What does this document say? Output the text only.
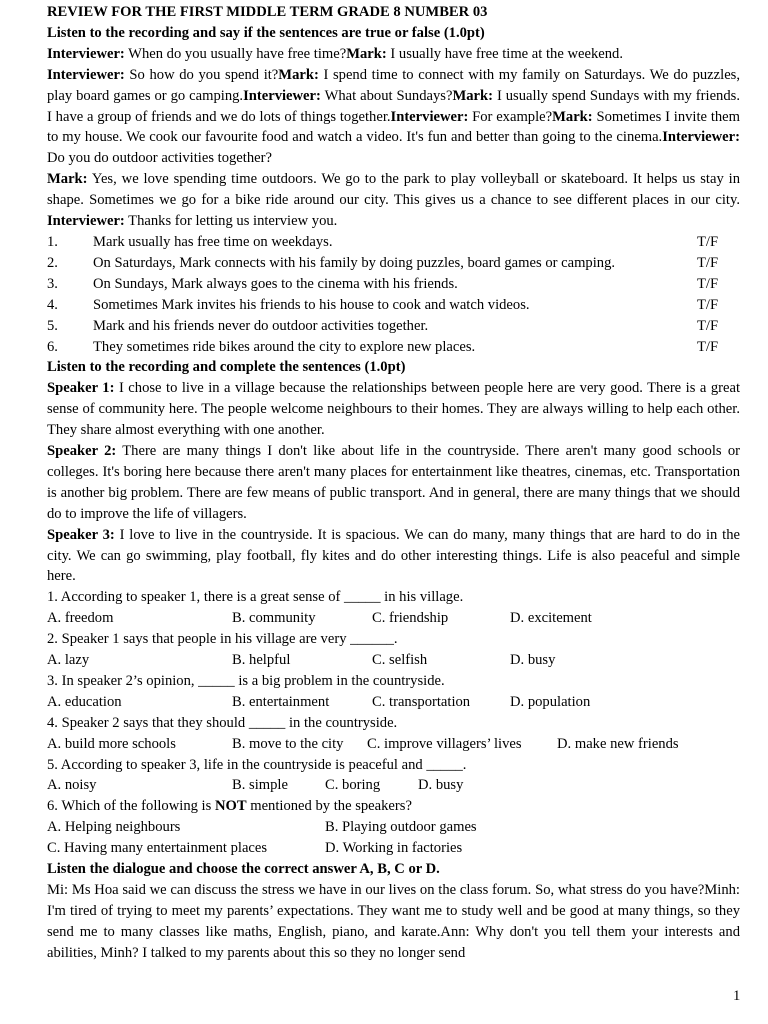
REVIEW FOR THE FIRST MIDDLE TERM GRADE 8 NUMBER 03

Listen to the recording and say if the sentences are true or false (1.0pt)

Interviewer: When do you usually have free time?Mark: I usually have free time at the weekend.
Interviewer: So how do you spend it?Mark: I spend time to connect with my family on Saturdays. We do puzzles, play board games or go camping.Interviewer: What about Sundays?Mark: I usually spend Sundays with my friends. I have a group of friends and we do lots of things together.Interviewer: For example?Mark: Sometimes I invite them to my house. We cook our favourite food and watch a video. It's fun and better than going to the cinema.Interviewer: Do you do outdoor activities together?
Mark: Yes, we love spending time outdoors. We go to the park to play volleyball or skateboard. It helps us stay in shape. Sometimes we go for a bike ride around our city. This gives us a chance to see different places in our city. Interviewer: Thanks for letting us interview you.

1.	Mark usually has free time on weekdays.	T/F
2.	On Saturdays, Mark connects with his family by doing puzzles, board games or camping.	T/F
3.	On Sundays, Mark always goes to the cinema with his friends.	T/F
4.	Sometimes Mark invites his friends to his house to cook and watch videos.	T/F
5.	Mark and his friends never do outdoor activities together.	T/F
6.	They sometimes ride bikes around the city to explore new places.	T/F

Listen to the recording and complete the sentences (1.0pt)

Speaker 1: I chose to live in a village because the relationships between people here are very good. There is a great sense of community here. The people welcome neighbours to their homes. They are always willing to help each other. They share almost everything with one another.

Speaker 2: There are many things I don't like about life in the countryside. There aren't many good schools or colleges. It's boring here because there aren't many places for entertainment like theatres, cinemas, etc. Transportation is another big problem. There are few means of public transport. And in general, there are many things that we should do to improve the life of villagers.

Speaker 3: I love to live in the countryside. It is spacious. We can do many, many things that are hard to do in the city. We can go swimming, play football, fly kites and do other interesting things. Life is also peaceful and simple here.

1. According to speaker 1, there is a great sense of _____ in his village.

A. freedom	B. community	C. friendship	D. excitement

2. Speaker 1 says that people in his village are very ______.

A. lazy	B. helpful	C. selfish	D. busy

3. In speaker 2’s opinion, _____ is a big problem in the countryside.

A. education	B. entertainment	C. transportation	D. population

4. Speaker 2 says that they should _____ in the countryside.

A. build more schools	B. move to the city C. improve villagers’ lives D. make new friends

5. According to speaker 3, life in the countryside is peaceful and _____.

A. noisy	B. simple	C. boring	D. busy

6. Which of the following is NOT mentioned by the speakers?

A. Helping neighbours	B. Playing outdoor games
C. Having many entertainment places	D. Working in factories

Listen the dialogue and choose the correct answer A, B, C or D.

Mi: Ms Hoa said we can discuss the stress we have in our lives on the class forum. So, what stress do you have?Minh: I'm tired of trying to meet my parents’ expectations. They want me to study well and be good at many things, so they send me to many classes like maths, English, piano, and karate.Ann: Why don't you tell them your interests and abilities, Minh? I talked to my parents about this so they no longer send

1
